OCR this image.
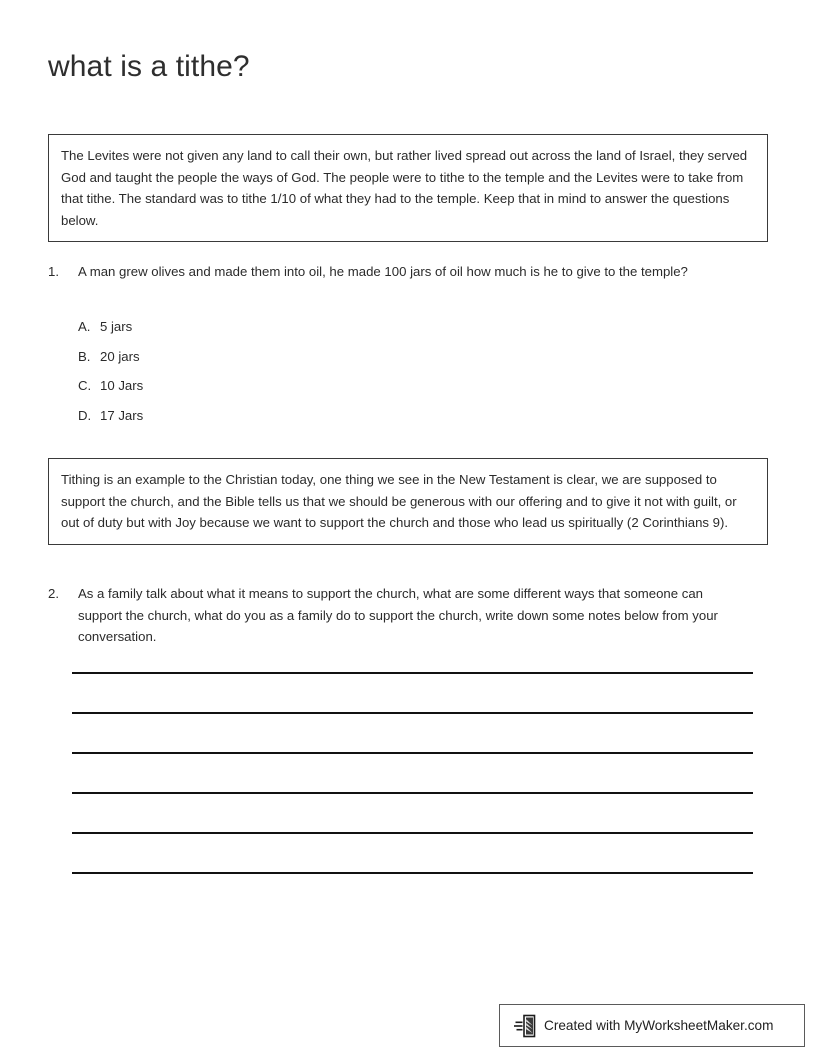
what is a tithe?
The Levites were not given any land to call their own, but rather lived spread out across the land of Israel, they served God and taught the people the ways of God. The people were to tithe to the temple and the Levites were to take from that tithe. The standard was to tithe 1/10 of what they had to the temple. Keep that in mind to answer the questions below.
1.	A man grew olives and made them into oil, he made 100 jars of oil how much is he to give to the temple?
A. 5 jars
B. 20 jars
C. 10 Jars
D. 17 Jars
Tithing is an example to the Christian today, one thing we see in the New Testament is clear, we are supposed to support the church, and the Bible tells us that we should be generous with our offering and to give it not with guilt, or out of duty but with Joy because we want to support the church and those who lead us spiritually (2 Corinthians 9).
2.	As a family talk about what it means to support the church, what are some different ways that someone can support the church, what do you as a family do to support the church, write down some notes below from your conversation.
Created with MyWorksheetMaker.com
